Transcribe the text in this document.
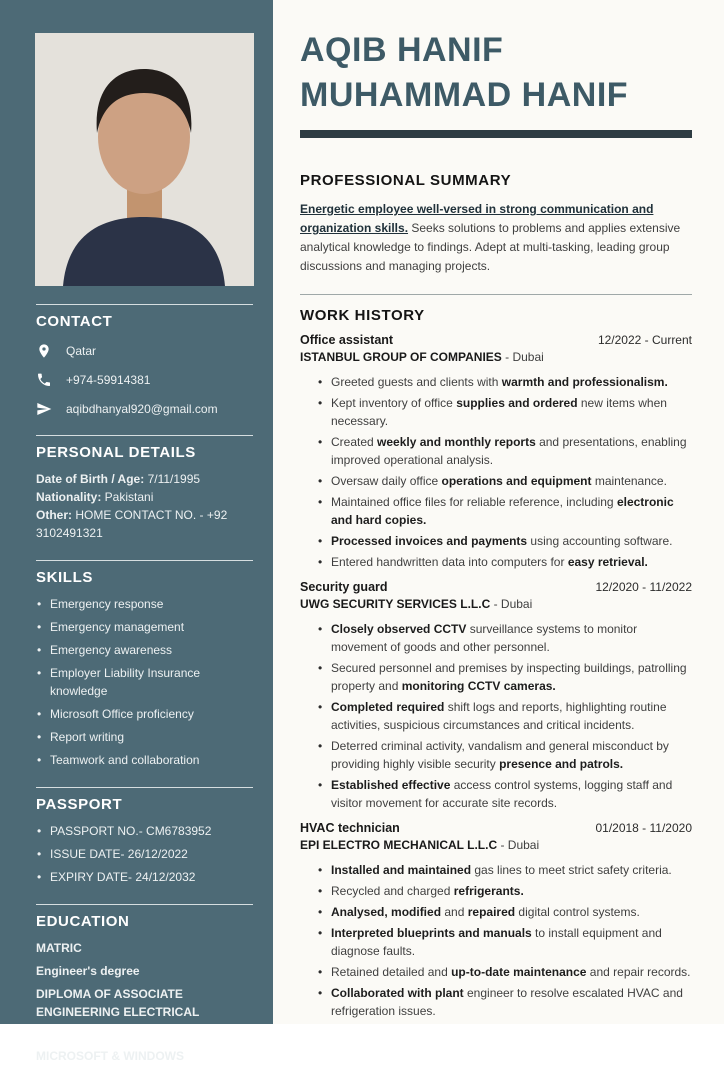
CONTACT
Qatar
+974-59914381
aqibdhanyal920@gmail.com
PERSONAL DETAILS
Date of Birth / Age: 7/11/1995
Nationality: Pakistani
Other: HOME CONTACT NO. - +92 3102491321
SKILLS
• Emergency response
• Emergency management
• Emergency awareness
• Employer Liability Insurance knowledge
• Microsoft Office proficiency
• Report writing
• Teamwork and collaboration
PASSPORT
• PASSPORT NO.- CM6783952
• ISSUE DATE- 26/12/2022
• EXPIRY DATE- 24/12/2032
EDUCATION
MATRIC
Engineer's degree
DIPLOMA OF ASSOCIATE ENGINEERING ELECTRICAL
MICROSOFT & WINDOWS
AQIB HANIF
MUHAMMAD HANIF
PROFESSIONAL SUMMARY

Energetic employee well-versed in strong communication and organization skills. Seeks solutions to problems and applies extensive analytical knowledge to findings. Adept at multi-tasking, leading group discussions and managing projects.

WORK HISTORY
Office assistant	12/2022 - Current
ISTANBUL GROUP OF COMPANIES - Dubai
• Greeted guests and clients with warmth and professionalism.
• Kept inventory of office supplies and ordered new items when necessary.
• Created weekly and monthly reports and presentations, enabling improved operational analysis.
• Oversaw daily office operations and equipment maintenance.
• Maintained office files for reliable reference, including electronic and hard copies.
• Processed invoices and payments using accounting software.
• Entered handwritten data into computers for easy retrieval.
Security guard	12/2020 - 11/2022
UWG SECURITY SERVICES L.L.C - Dubai
• Closely observed CCTV surveillance systems to monitor movement of goods and other personnel.
• Secured personnel and premises by inspecting buildings, patrolling property and monitoring CCTV cameras.
• Completed required shift logs and reports, highlighting routine activities, suspicious circumstances and critical incidents.
• Deterred criminal activity, vandalism and general misconduct by providing highly visible security presence and patrols.
• Established effective access control systems, logging staff and visitor movement for accurate site records.
HVAC technician	01/2018 - 11/2020
EPI ELECTRO MECHANICAL L.L.C - Dubai
• Installed and maintained gas lines to meet strict safety criteria.
• Recycled and charged refrigerants.
• Analysed, modified and repaired digital control systems.
• Interpreted blueprints and manuals to install equipment and diagnose faults.
• Retained detailed and up-to-date maintenance and repair records.
• Collaborated with plant engineer to resolve escalated HVAC and refrigeration issues.
